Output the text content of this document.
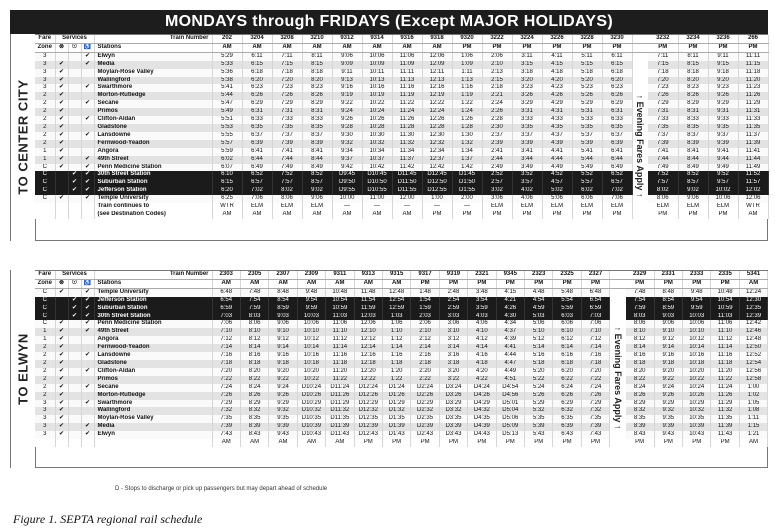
MONDAYS through FRIDAYS (Except MAJOR HOLIDAYS)
TO CENTER CITY
Fare	Services			Train Number	202	3204	3208	3210	9312	9314	9316	9318	9320	3222	3224	3226	3228	3230		3232	3234	3236	266
Zone	⊗	☉	♿	Stations	AM	AM	AM	AM	AM	AM	AM	AM	PM	PM	PM	PM	PM	PM		PM	PM	PM	PM
3			✔	Elwyn	5:29	6:11	7:11	8:11	9:06	10:06	11:06	12:06	1:06	2:06	3:11	4:11	5:11	6:11		7:11	8:11	9:11	11:11
3	✔		✔	Media	5:33	6:15	7:15	8:15	9:09	10:09	11:09	12:09	1:09	2:10	3:15	4:15	5:15	6:15		7:15	8:15	9:15	11:15
3	✔			Moylan-Rose Valley	5:36	6:18	7:18	8:18	9:11	10:11	11:11	12:11	1:11	2:13	3:18	4:18	5:18	6:18		7:18	8:18	9:18	11:18
3	✔			Wallingford	5:38	6:20	7:20	8:20	9:13	10:13	11:13	12:13	1:13	2:15	3:20	4:20	5:20	6:20		7:20	8:20	9:20	11:20
3	✔		✔	Swarthmore	5:41	6:23	7:23	8:23	9:16	10:16	11:16	12:16	1:16	2:18	3:23	4:23	5:23	6:23		7:23	8:23	9:23	11:23
2	✔			Morton-Rutledge	5:44	6:26	7:26	8:26	9:19	10:19	11:19	12:19	1:19	2:21	3:26	4:26	5:26	6:26		7:26	8:26	9:26	11:26
2	✔		✔	Secane	5:47	6:29	7:29	8:29	9:22	10:22	11:22	12:22	1:22	2:24	3:29	4:29	5:29	6:29		7:29	8:29	9:29	11:29
2	✔			Primos	5:49	6:31	7:31	8:31	9:24	10:24	11:24	12:24	1:24	2:26	3:31	4:31	5:31	6:31		7:31	8:31	9:31	11:31
2	✔		✔	Clifton-Aldan	5:51	6:33	7:33	8:33	9:26	10:26	11:26	12:26	1:26	2:28	3:33	4:33	5:33	6:33		7:33	8:33	9:33	11:33
2	✔			Gladstone	5:53	6:35	7:35	8:35	9:28	10:28	11:28	12:28	1:28	2:30	3:35	4:35	5:35	6:35		7:35	8:35	9:35	11:35
2	✔		✔	Lansdowne	5:55	6:37	7:37	8:37	9:30	10:30	11:30	12:30	1:30	2:37	3:37	4:37	5:37	6:37		7:37	8:37	9:37	11:37
2	✔			Fernwood-Yeadon	5:57	6:39	7:39	8:39	9:32	10:32	11:32	12:32	1:32	2:39	3:39	4:39	5:39	6:39		7:39	8:39	9:39	11:39
1	✔			Angora	5:59	6:41	7:41	8:41	9:34	10:34	11:34	12:34	1:34	2:41	3:41	4:41	5:41	6:41		7:41	8:41	9:41	11:41
1	✔		✔	49th Street	6:02	6:44	7:44	8:44	9:37	10:37	11:37	12:37	1:37	2:44	3:44	4:44	5:44	6:44		7:44	8:44	9:44	11:44
C	✔		✔	Penn Medicine Station	6:07	6:49	7:49	8:49	9:42	10:42	11:42	12:42	1:42	2:49	3:49	4:49	5:49	6:49		7:49	8:49	9:49	11:49
C		✔	✔	30th Street Station	6:10	6:52	7:52	8:52	D9:45	D10:45	D11:45	D12:45	D1:45	2:52	3:52	4:52	5:52	6:52		7:52	8:52	9:52	11:52
C		✔	✔	Suburban Station	6:15	6:57	7:57	8:57	D9:50	D10:50	D11:50	D12:50	D1:50	2:57	3:57	4:57	5:57	6:57		7:57	8:57	9:57	11:57
C		✔	✔	Jefferson Station	6:20	7:02	8:02	9:02	D9:55	D10:55	D11:55	D12:55	D1:55	3:02	4:02	5:02	6:02	7:02		8:02	9:02	10:02	12:02
C	✔		✔	Temple University	6:25	7:06	8:06	9:06	10:00	11:00	12:00	1:00	2:00	3:06	4:06	5:06	6:06	7:06		8:06	9:06	10:06	12:06
				Train continues to	WTR	ELM	ELM	ELM	—	—	—	—	—	ELM	ELM	ELM	ELM	ELM		ELM	ELM	ELM	WTR
				(see Destination Codes)	AM	AM	AM	AM	AM	AM	AM	PM	PM	PM	PM	PM	PM	PM		PM	PM	PM	AM
↑ Evening Fares Apply ↑
TO ELWYN
Fare	Services			Train Number	2303	2305	2307	2309	9311	9313	9315	9317	9319	2321	9345	2323	2325	2327		2329	2331	2333	2335	5341
Zone	⊗	☉	♿	Stations	AM	AM	AM	AM	AM	AM	AM	PM	PM	PM	PM	PM	PM	PM		PM	PM	PM	PM	AM
C	✔		✔	Temple University	6:48	7:48	8:48	9:48	10:48	11:48	12:48	1:48	2:48	3:48	4:15	4:48	5:48	6:48		7:48	8:48	9:48	10:48	12:24
C		✔	✔	Jefferson Station	6:54	7:54	8:54	9:54	10:54	11:54	12:54	1:54	2:54	3:54	4:21	4:54	5:54	6:54		7:54	8:54	9:54	10:54	12:30
C		✔	✔	Suburban Station	6:59	7:59	8:59	9:59	10:59	11:59	12:59	1:59	2:59	3:59	4:26	4:59	5:59	6:59		7:59	8:59	9:59	10:59	12:35
C		✔	✔	30th Street Station	7:03	8:03	9:03	10:03	11:03	12:03	1:03	2:03	3:03	4:03	4:30	5:03	6:03	7:03		8:03	9:03	10:03	11:03	12:39
C	✔		✔	Penn Medicine Station	7:06	8:06	9:06	10:06	11:06	12:06	1:06	2:06	3:06	4:06	4:34	5:06	6:06	7:06		8:06	9:06	10:06	11:06	12:42
1	✔		✔	49th Street	7:10	8:10	9:10	10:10	11:10	12:10	1:10	2:10	3:10	4:10	4:37	5:10	6:10	7:10		8:10	9:10	10:10	11:10	12:46
1	✔			Angora	7:12	8:12	9:12	10:12	11:12	12:12	1:12	2:12	3:12	4:12	4:39	5:12	6:12	7:12		8:12	9:12	10:12	11:12	12:48
2	✔			Fernwood-Yeadon	7:14	8:14	9:14	10:14	11:14	12:14	1:14	2:14	3:14	4:14	4:41	5:14	6:14	7:14		8:14	9:14	10:14	11:14	12:50
2	✔		✔	Lansdowne	7:16	8:16	9:16	10:16	11:16	12:16	1:16	2:16	3:16	4:16	4:44	5:16	6:16	7:16		8:16	9:16	10:16	11:16	12:52
2	✔			Gladstone	7:18	8:18	9:18	10:18	11:18	12:18	1:18	2:18	3:18	4:18	4:47	5:18	6:18	7:18		8:18	9:18	10:18	11:18	12:54
2	✔		✔	Clifton-Aldan	7:20	8:20	9:20	10:20	11:20	12:20	1:20	2:20	3:20	4:20	4:49	5:20	6:20	7:20		8:20	9:20	10:20	11:20	12:56
2	✔			Primos	7:22	8:22	9:22	10:22	11:22	12:22	1:22	2:22	3:22	4:22	4:51	5:22	6:22	7:22		8:22	9:22	10:22	11:22	12:58
2	✔		✔	Secane	7:24	8:24	9:24	D10:24	D11:24	D12:24	D1:24	D2:24	D3:24	D4:24	D4:54	5:24	6:24	7:24		8:24	9:24	10:24	11:24	1:00
2	✔			Morton-Rutledge	7:26	8:26	9:26	D10:26	D11:26	D12:26	D1:26	D2:26	D3:26	D4:26	D4:56	5:26	6:26	7:26		8:26	9:26	10:26	11:26	1:02
3	✔		✔	Swarthmore	7:29	8:29	9:29	D10:29	D11:29	D12:29	D1:29	D2:29	D3:29	D4:29	D5:01	5:29	6:29	7:29		8:29	9:29	10:29	11:29	1:05
3	✔			Wallingford	7:32	8:32	9:32	D10:32	D11:32	D12:32	D1:32	D2:32	D3:32	D4:32	D5:04	5:32	6:32	7:32		8:32	9:32	10:32	11:32	1:08
3	✔			Moylan-Rose Valley	7:35	8:35	9:35	D10:35	D11:35	D12:35	D1:35	D2:35	D3:35	D4:35	D5:06	5:35	6:35	7:35		8:35	9:35	10:35	11:35	1:11
3	✔		✔	Media	7:39	8:39	9:39	D10:39	D11:39	D12:39	D1:39	D2:39	D3:39	D4:39	D5:09	5:39	6:39	7:39		8:39	9:39	10:39	11:39	1:15
3	✔		✔	Elwyn	7:43	8:43	9:43	D10:43	D11:43	D12:43	D1:43	D2:43	D3:43	D4:43	D5:13	5:43	6:43	7:43		8:43	9:43	10:43	11:43	1:21
					AM	AM	AM	AM	AM	PM	PM	PM	PM	PM	PM	PM	PM	PM		PM	PM	PM	PM	AM
↑ Evening Fares Apply ↑
D - Stops to discharge or pick up passengers but may depart ahead of schedule
Figure 1. SEPTA regional rail schedule
